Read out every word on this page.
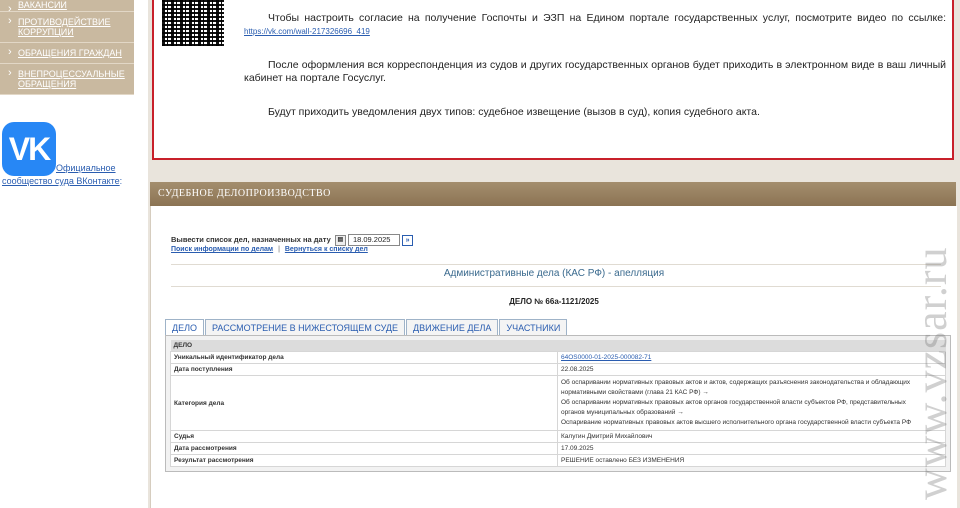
› ВАКАНСИИ
› ПРОТИВОДЕЙСТВИЕ КОРРУПЦИИ
› ОБРАЩЕНИЯ ГРАЖДАН
› ВНЕПРОЦЕССУАЛЬНЫЕ ОБРАЩЕНИЯ
VKОфициальное
сообщество суда ВКонтакте:
Чтобы настроить согласие на получение Госпочты и ЭЗП на Едином портале государственных услуг, посмотрите видео по ссылке: https://vk.com/wall-217326696_419
После оформления вся корреспонденция из судов и других государственных органов будет приходить в электронном виде в ваш личный кабинет на портале Госуслуг.
Будут приходить уведомления двух типов: судебное извещение (вызов в суд), копия судебного акта.
СУДЕБНОЕ ДЕЛОПРОИЗВОДСТВО
Вывести список дел, назначенных на дату ▤ 18.09.2025 »
Поиск информации по делам | Вернуться к списку дел
Административные дела (КАС РФ) - апелляция
ДЕЛО № 66а-1121/2025
ДЕЛО	РАССМОТРЕНИЕ В НИЖЕСТОЯЩЕМ СУДЕ	ДВИЖЕНИЕ ДЕЛА	УЧАСТНИКИ
ДЕЛО	
Уникальный идентификатор дела	64OS0000-01-2025-000082-71
Дата поступления	22.08.2025
Категория дела	Об оспаривании нормативных правовых актов и актов, содержащих разъяснения законодательства и обладающих
нормативными свойствами (глава 21 КАС РФ) →
Об оспаривании нормативных правовых актов органов государственной власти субъектов РФ, представительных
органов муниципальных образований →
Оспаривание нормативных правовых актов высшего исполнительного органа государственной власти субъекта РФ

Судья	Калугин Дмитрий Михайлович
Дата рассмотрения	17.09.2025
Результат рассмотрения	РЕШЕНИЕ оставлено БЕЗ ИЗМЕНЕНИЯ	www.vzsar.ru
